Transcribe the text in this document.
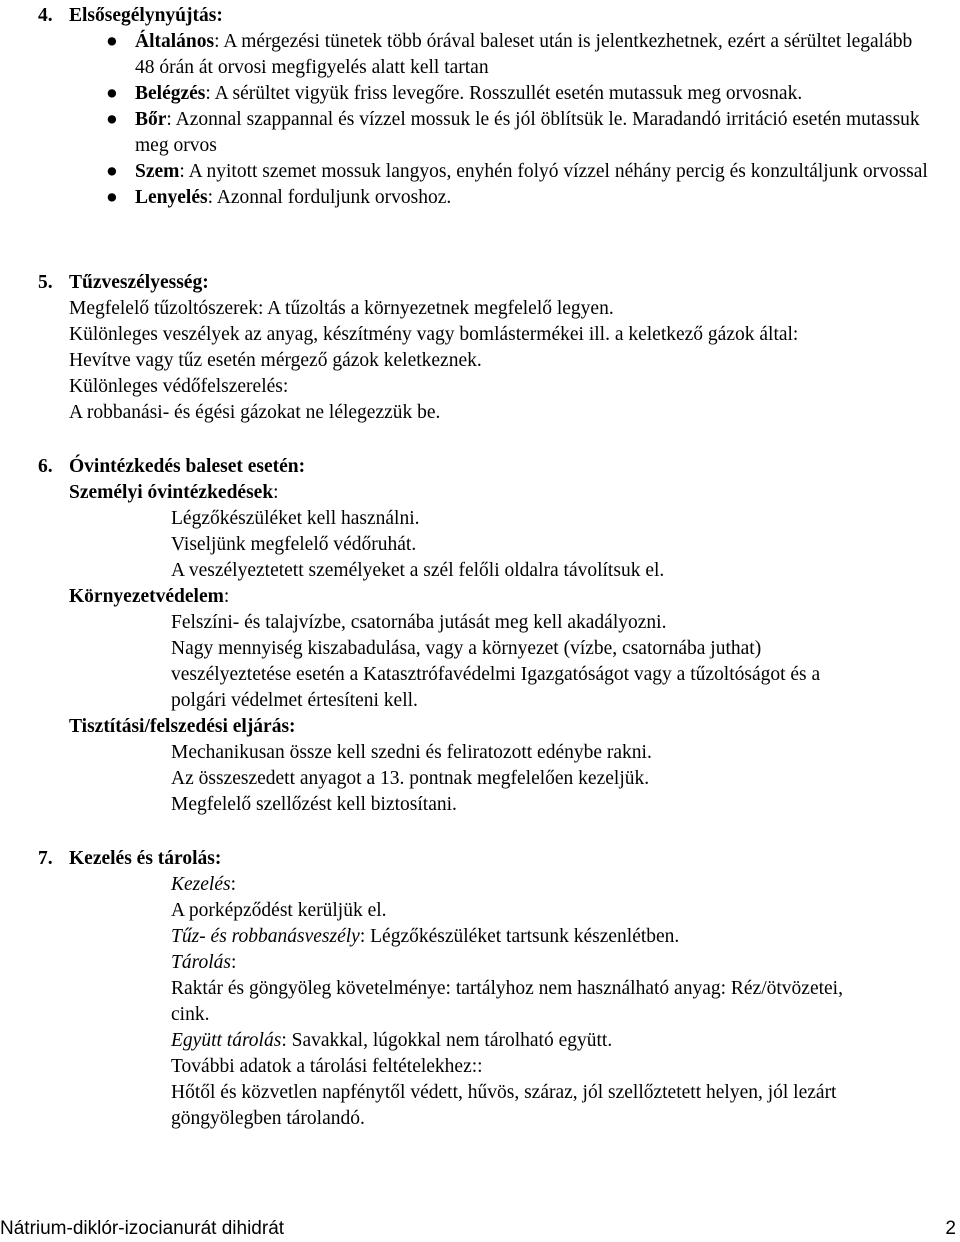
4. Elsősegélynyújtás:
● Általános: A mérgezési tünetek több órával baleset után is jelentkezhetnek, ezért a sérültet legalább 48 órán át orvosi megfigyelés alatt kell tartan
● Belégzés: A sérültet vigyük friss levegőre. Rosszullét esetén mutassuk meg orvosnak.
● Bőr: Azonnal szappannal és vízzel mossuk le és jól öblítsük le. Maradandó irritáció esetén mutassuk meg orvos
● Szem: A nyitott szemet mossuk langyos, enyhén folyó vízzel néhány percig és konzultáljunk orvossal
● Lenyelés: Azonnal forduljunk orvoshoz.
5. Tűzveszélyesség:
Megfelelő tűzoltószerek: A tűzoltás a környezetnek megfelelő legyen.
Különleges veszélyek az anyag, készítmény vagy bomlástermékei ill. a keletkező gázok által:
Hevítve vagy tűz esetén mérgező gázok keletkeznek.
Különleges védőfelszerelés:
A robbanási- és égési gázokat ne lélegezzük be.
6. Óvintézkedés baleset esetén:
Személyi óvintézkedések:
Légzőkészüléket kell használni.
Viseljünk megfelelő védőruhát.
A veszélyeztetett személyeket a szél felőli oldalra távolítsuk el.
Környezetvédelem:
Felszíni- és talajvízbe, csatornába jutását meg kell akadályozni.
Nagy mennyiség kiszabadulása, vagy a környezet (vízbe, csatornába juthat)
veszélyeztetése esetén a Katasztrófavédelmi Igazgatóságot vagy a tűzoltóságot és a
polgári védelmet értesíteni kell.
Tisztítási/felszedési eljárás:
Mechanikusan össze kell szedni és feliratozott edénybe rakni.
Az összeszedett anyagot a 13. pontnak megfelelően kezeljük.
Megfelelő szellőzést kell biztosítani.
7. Kezelés és tárolás:
Kezelés:
A porképződést kerüljük el.
Tűz- és robbanásveszély: Légzőkészüléket tartsunk készenlétben.
Tárolás:
Raktár és göngyöleg követelménye: tartályhoz nem használható anyag: Réz/ötvözetei,
cink.
Együtt tárolás: Savakkal, lúgokkal nem tárolható együtt.
További adatok a tárolási feltételekhez::
Hőtől és közvetlen napfénytől védett, hűvös, száraz, jól szellőztetett helyen, jól lezárt
göngyölegben tárolandó.
Nátrium-diklór-izocianurát dihidrát	2
